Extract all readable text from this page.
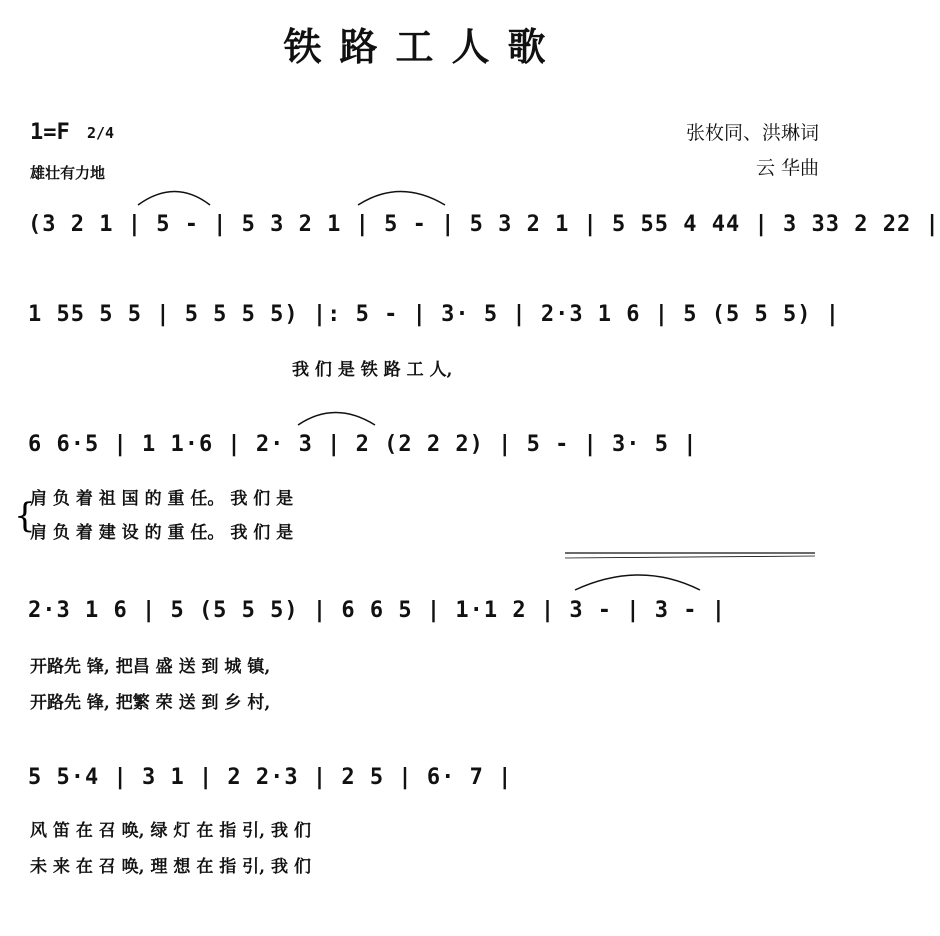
铁路工人歌
1=F 2/4
雄壮有力地
张枚同、洪琳词
云 华曲
{
(3 2 1 | 5 - | 5 3 2 1 | 5 - | 5 3 2 1 | 5 55 4 44 | 3 33 2 22 |
1 55 5 5 | 5 5 5 5) |: 5 - | 3· 5 | 2·3 1 6 | 5 (5 5 5) |
我 们 是 铁 路 工 人,
6 6·5 | 1 1·6 | 2· 3 | 2 (2 2 2) | 5 - | 3· 5 |
肩 负 着 祖 国 的 重 任。 我 们 是
肩 负 着 建 设 的 重 任。 我 们 是
2·3 1 6 | 5 (5 5 5) | 6 6 5 | 1·1 2 | 3 - | 3 - |
开路先 锋, 把昌 盛 送 到 城 镇,
开路先 锋, 把繁 荣 送 到 乡 村,
5 5·4 | 3 1 | 2 2·3 | 2 5 | 6· 7 |
风 笛 在 召 唤, 绿 灯 在 指 引, 我 们
未 来 在 召 唤, 理 想 在 指 引, 我 们
